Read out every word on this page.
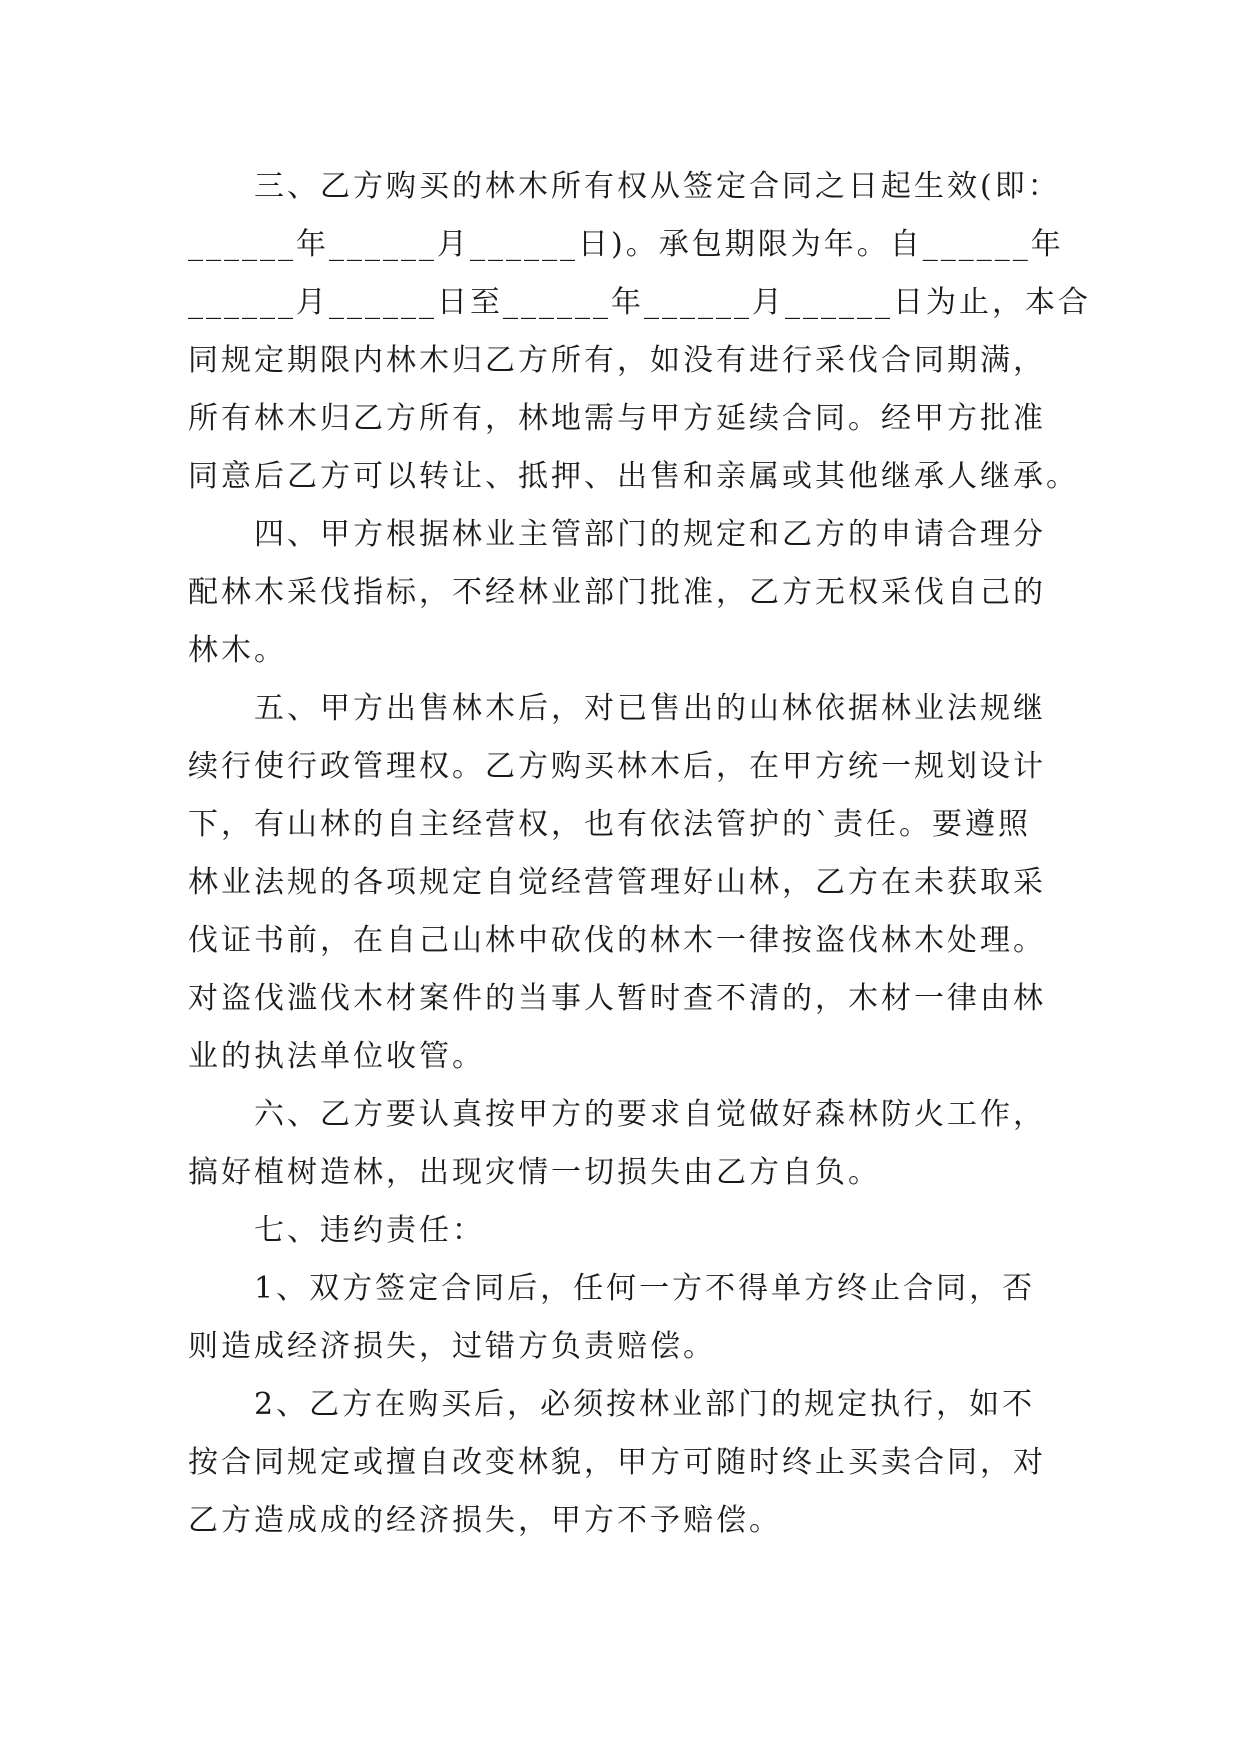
　　三、乙方购买的林木所有权从签定合同之日起生效(即：
______年______月______日)。承包期限为年。自______年
______月______日至______年______月______日为止，本合
同规定期限内林木归乙方所有，如没有进行采伐合同期满，
所有林木归乙方所有，林地需与甲方延续合同。经甲方批准
同意后乙方可以转让、抵押、出售和亲属或其他继承人继承。
　　四、甲方根据林业主管部门的规定和乙方的申请合理分
配林木采伐指标，不经林业部门批准，乙方无权采伐自己的
林木。
　　五、甲方出售林木后，对已售出的山林依据林业法规继
续行使行政管理权。乙方购买林木后，在甲方统一规划设计
下，有山林的自主经营权，也有依法管护的`责任。要遵照
林业法规的各项规定自觉经营管理好山林，乙方在未获取采
伐证书前，在自己山林中砍伐的林木一律按盗伐林木处理。
对盗伐滥伐木材案件的当事人暂时查不清的，木材一律由林
业的执法单位收管。
　　六、乙方要认真按甲方的要求自觉做好森林防火工作，
搞好植树造林，出现灾情一切损失由乙方自负。
　　七、违约责任：
　　1、双方签定合同后，任何一方不得单方终止合同，否
则造成经济损失，过错方负责赔偿。
　　2、乙方在购买后，必须按林业部门的规定执行，如不
按合同规定或擅自改变林貌，甲方可随时终止买卖合同，对
乙方造成成的经济损失，甲方不予赔偿。
